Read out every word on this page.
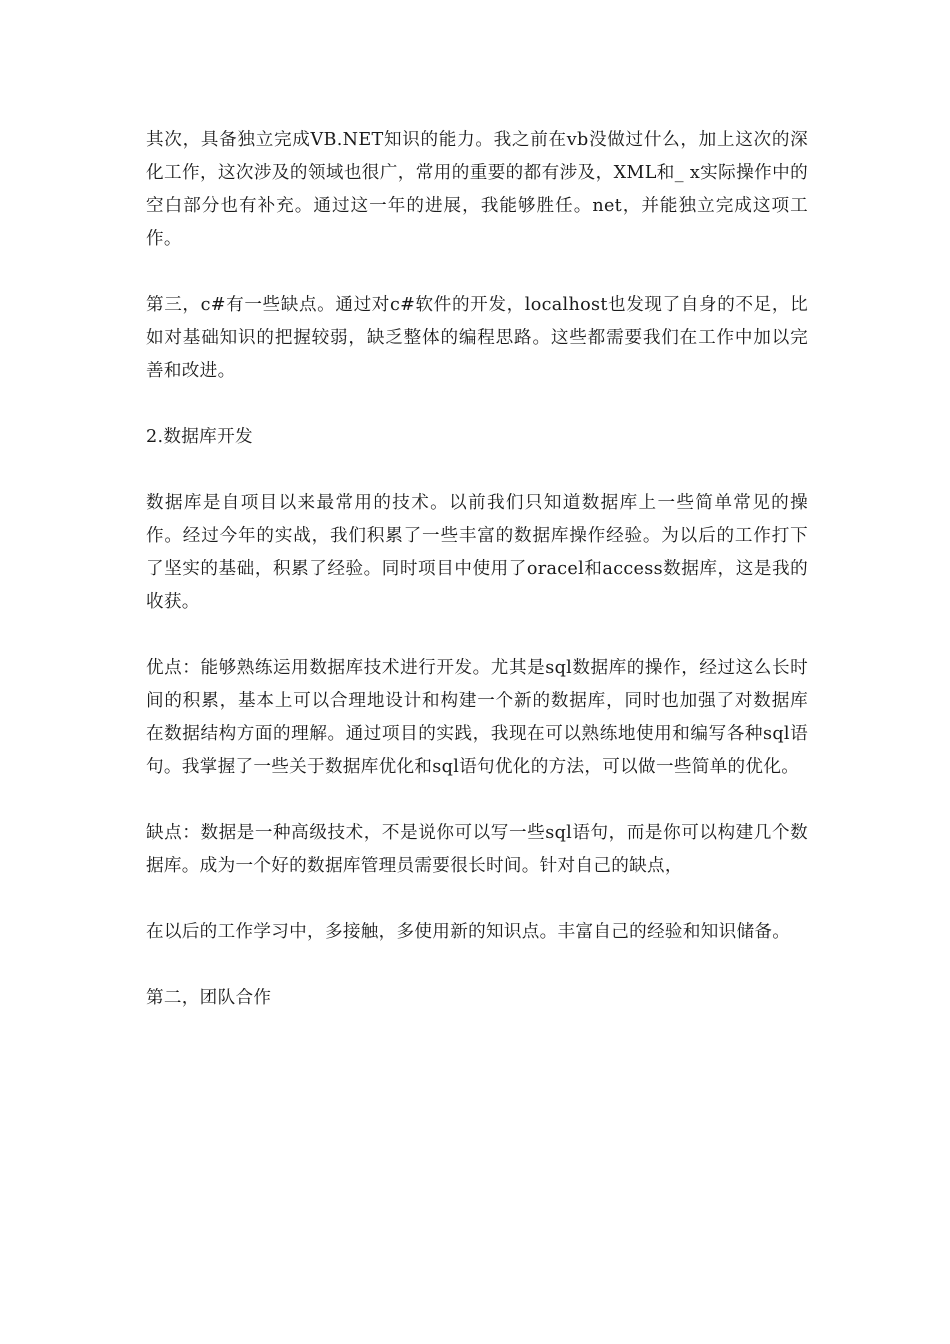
其次，具备独立完成VB.NET知识的能力。我之前在vb没做过什么，加上这次的深化工作，这次涉及的领域也很广，常用的重要的都有涉及，XML和_ x实际操作中的空白部分也有补充。通过这一年的进展，我能够胜任。net，并能独立完成这项工作。

第三，c#有一些缺点。通过对c#软件的开发，localhost也发现了自身的不足，比如对基础知识的把握较弱，缺乏整体的编程思路。这些都需要我们在工作中加以完善和改进。

2.数据库开发

数据库是自项目以来最常用的技术。以前我们只知道数据库上一些简单常见的操作。经过今年的实战，我们积累了一些丰富的数据库操作经验。为以后的工作打下了坚实的基础，积累了经验。同时项目中使用了oracel和access数据库，这是我的收获。

优点：能够熟练运用数据库技术进行开发。尤其是sql数据库的操作，经过这么长时间的积累，基本上可以合理地设计和构建一个新的数据库，同时也加强了对数据库在数据结构方面的理解。通过项目的实践，我现在可以熟练地使用和编写各种sql语句。我掌握了一些关于数据库优化和sql语句优化的方法，可以做一些简单的优化。

缺点：数据是一种高级技术，不是说你可以写一些sql语句，而是你可以构建几个数据库。成为一个好的数据库管理员需要很长时间。针对自己的缺点，

在以后的工作学习中，多接触，多使用新的知识点。丰富自己的经验和知识储备。

第二，团队合作
